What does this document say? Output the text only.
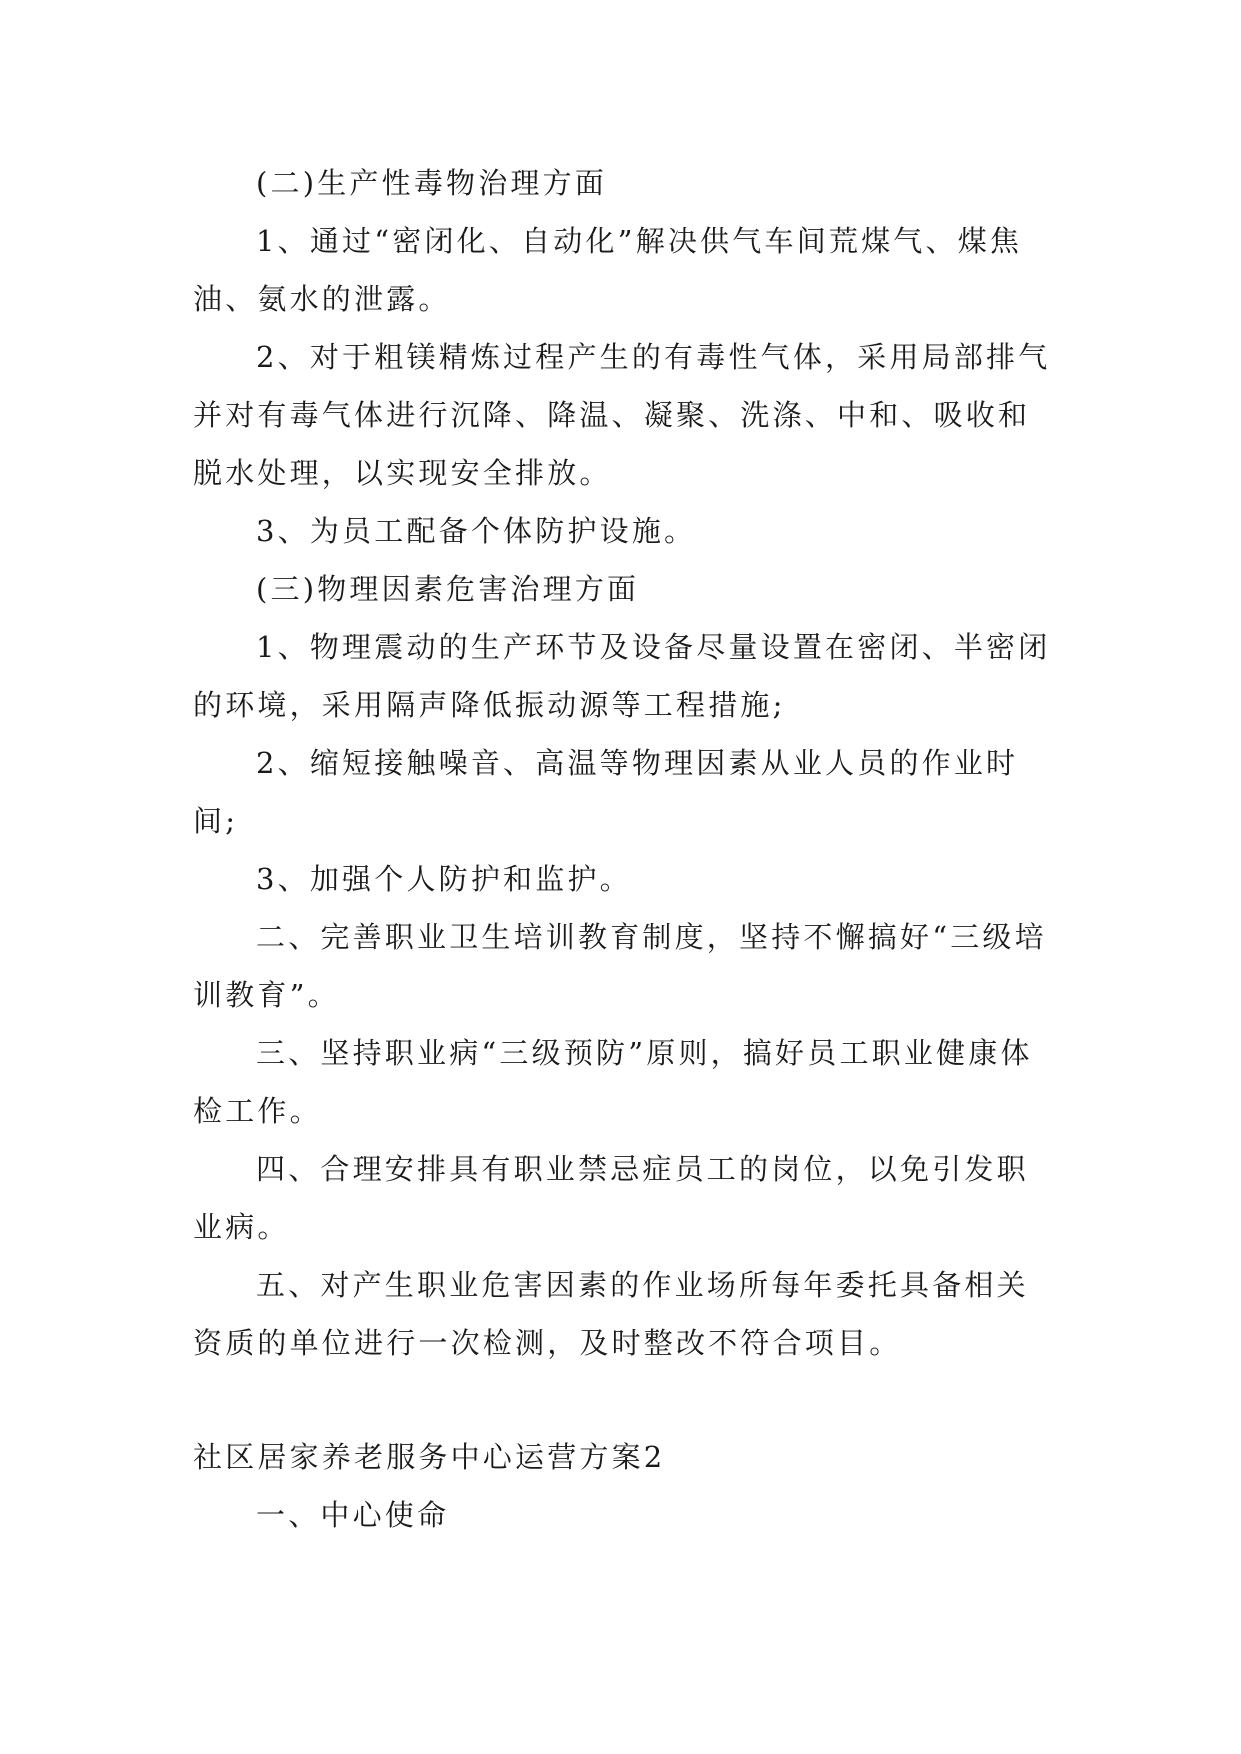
(二)生产性毒物治理方面

1、通过“密闭化、自动化”解决供气车间荒煤气、煤焦油、氨水的泄露。

2、对于粗镁精炼过程产生的有毒性气体，采用局部排气并对有毒气体进行沉降、降温、凝聚、洗涤、中和、吸收和脱水处理，以实现安全排放。

3、为员工配备个体防护设施。

(三)物理因素危害治理方面

1、物理震动的生产环节及设备尽量设置在密闭、半密闭的环境，采用隔声降低振动源等工程措施;

2、缩短接触噪音、高温等物理因素从业人员的作业时间;

3、加强个人防护和监护。

二、完善职业卫生培训教育制度，坚持不懈搞好“三级培训教育”。

三、坚持职业病“三级预防”原则，搞好员工职业健康体检工作。

四、合理安排具有职业禁忌症员工的岗位，以免引发职业病。

五、对产生职业危害因素的作业场所每年委托具备相关资质的单位进行一次检测，及时整改不符合项目。

社区居家养老服务中心运营方案2

一、中心使命
